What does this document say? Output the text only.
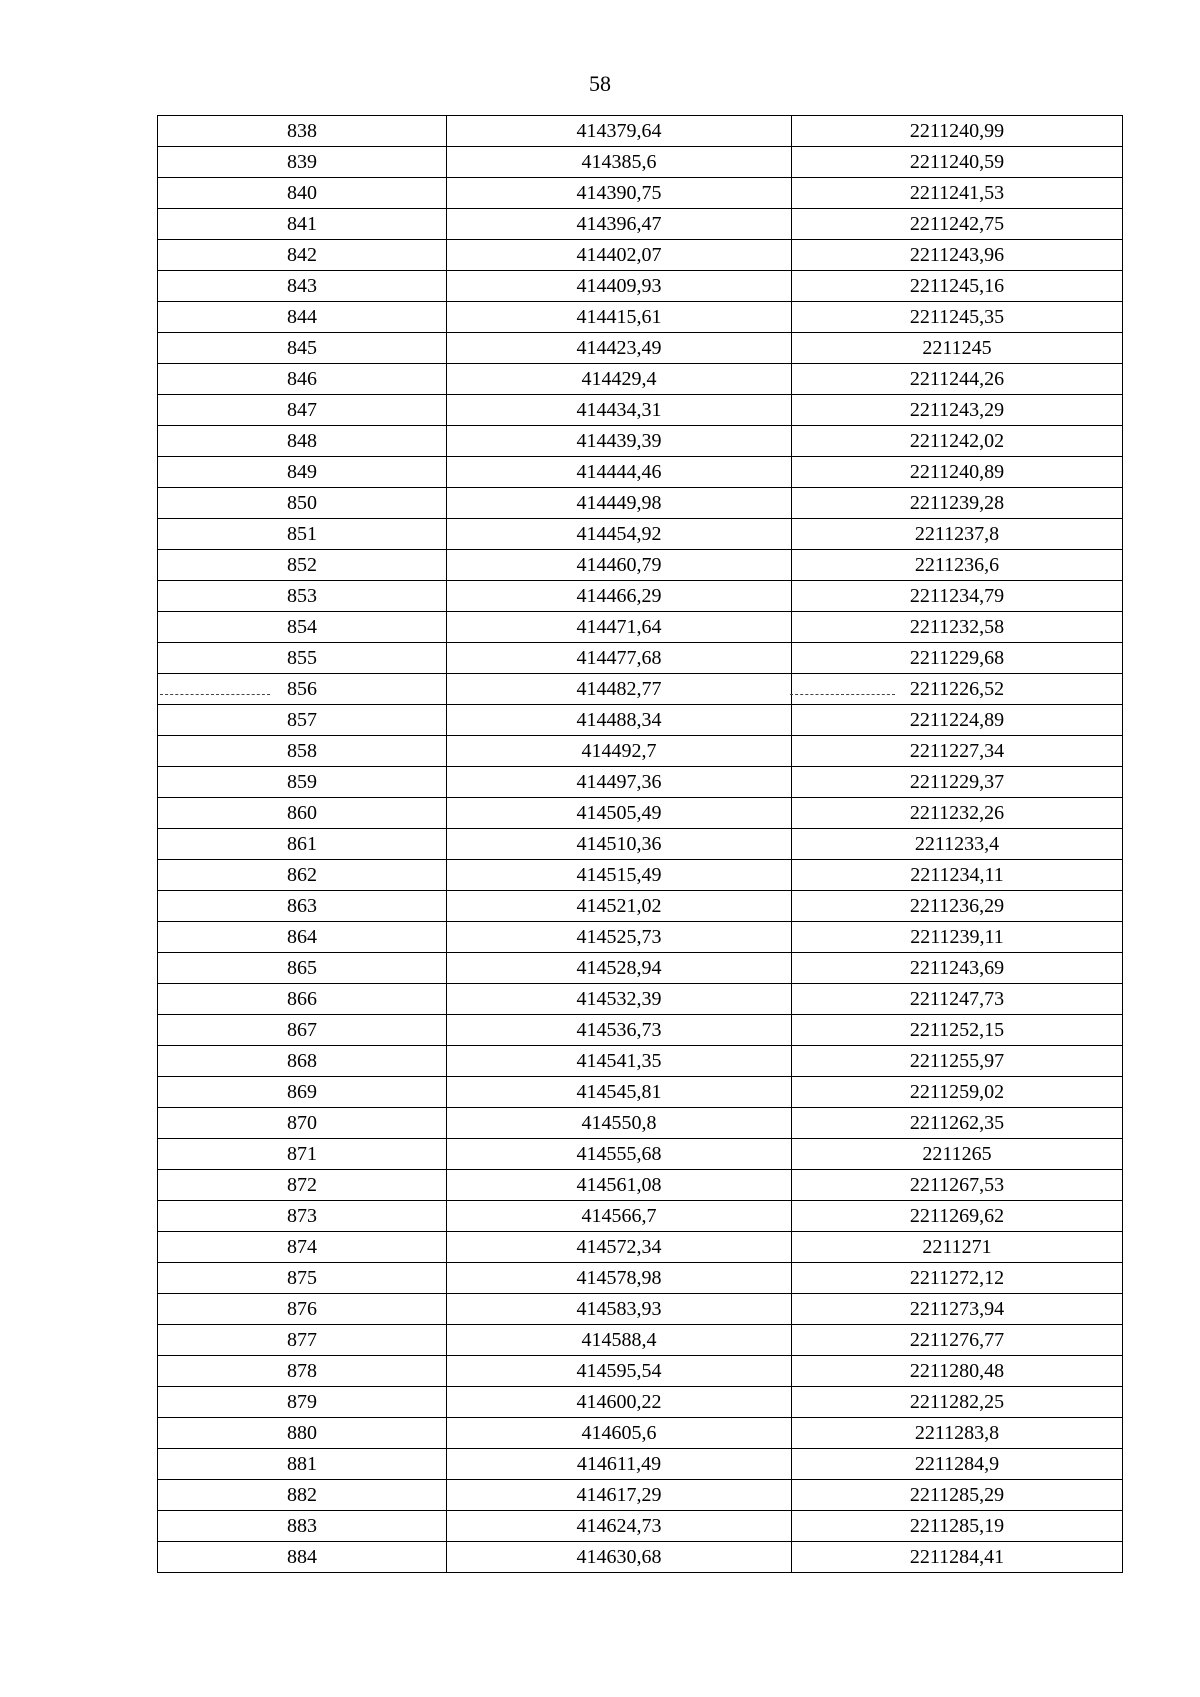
58
838	414379,64	2211240,99
839	414385,6	2211240,59
840	414390,75	2211241,53
841	414396,47	2211242,75
842	414402,07	2211243,96
843	414409,93	2211245,16
844	414415,61	2211245,35
845	414423,49	2211245
846	414429,4	2211244,26
847	414434,31	2211243,29
848	414439,39	2211242,02
849	414444,46	2211240,89
850	414449,98	2211239,28
851	414454,92	2211237,8
852	414460,79	2211236,6
853	414466,29	2211234,79
854	414471,64	2211232,58
855	414477,68	2211229,68
856	414482,77	2211226,52
857	414488,34	2211224,89
858	414492,7	2211227,34
859	414497,36	2211229,37
860	414505,49	2211232,26
861	414510,36	2211233,4
862	414515,49	2211234,11
863	414521,02	2211236,29
864	414525,73	2211239,11
865	414528,94	2211243,69
866	414532,39	2211247,73
867	414536,73	2211252,15
868	414541,35	2211255,97
869	414545,81	2211259,02
870	414550,8	2211262,35
871	414555,68	2211265
872	414561,08	2211267,53
873	414566,7	2211269,62
874	414572,34	2211271
875	414578,98	2211272,12
876	414583,93	2211273,94
877	414588,4	2211276,77
878	414595,54	2211280,48
879	414600,22	2211282,25
880	414605,6	2211283,8
881	414611,49	2211284,9
882	414617,29	2211285,29
883	414624,73	2211285,19
884	414630,68	2211284,41
